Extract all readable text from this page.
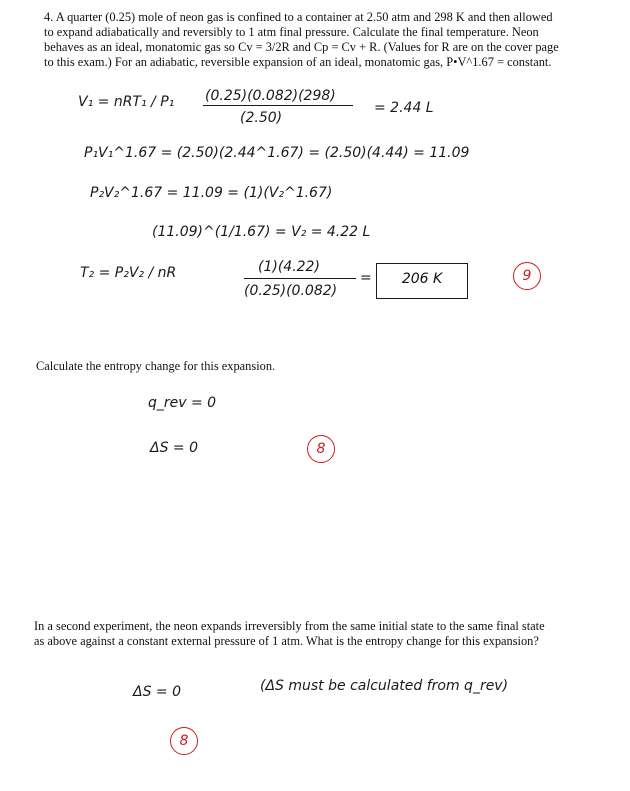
4. A quarter (0.25) mole of neon gas is confined to a container at 2.50 atm and 298 K and then allowed

to expand adiabatically and reversibly to 1 atm final pressure. Calculate the final temperature. Neon

behaves as an ideal, monatomic gas so Cv = 3/2R and Cp = Cv + R. (Values for R are on the cover page

to this exam.) For an adiabatic, reversible expansion of an ideal, monatomic gas, P•V^1.67 = constant.

V₁ = nRT₁ / P₁ (0.25)(0.082)(298)
(2.50)
= 2.44 L
P₁V₁^1.67 = (2.50)(2.44^1.67) = (2.50)(4.44) = 11.09
P₂V₂^1.67 = 11.09 = (1)(V₂^1.67)
(11.09)^(1/1.67) = V₂ = 4.22 L
T₂ = P₂V₂ / nR	(1)(4.22)
(0.25)(0.082)
=	206 K	9

Calculate the entropy change for this expansion.

q_rev = 0
ΔS = 0	8

In a second experiment, the neon expands irreversibly from the same initial state to the same final state

as above against a constant external pressure of 1 atm. What is the entropy change for this expansion?

ΔS = 0	(ΔS must be calculated from q_rev)
8
